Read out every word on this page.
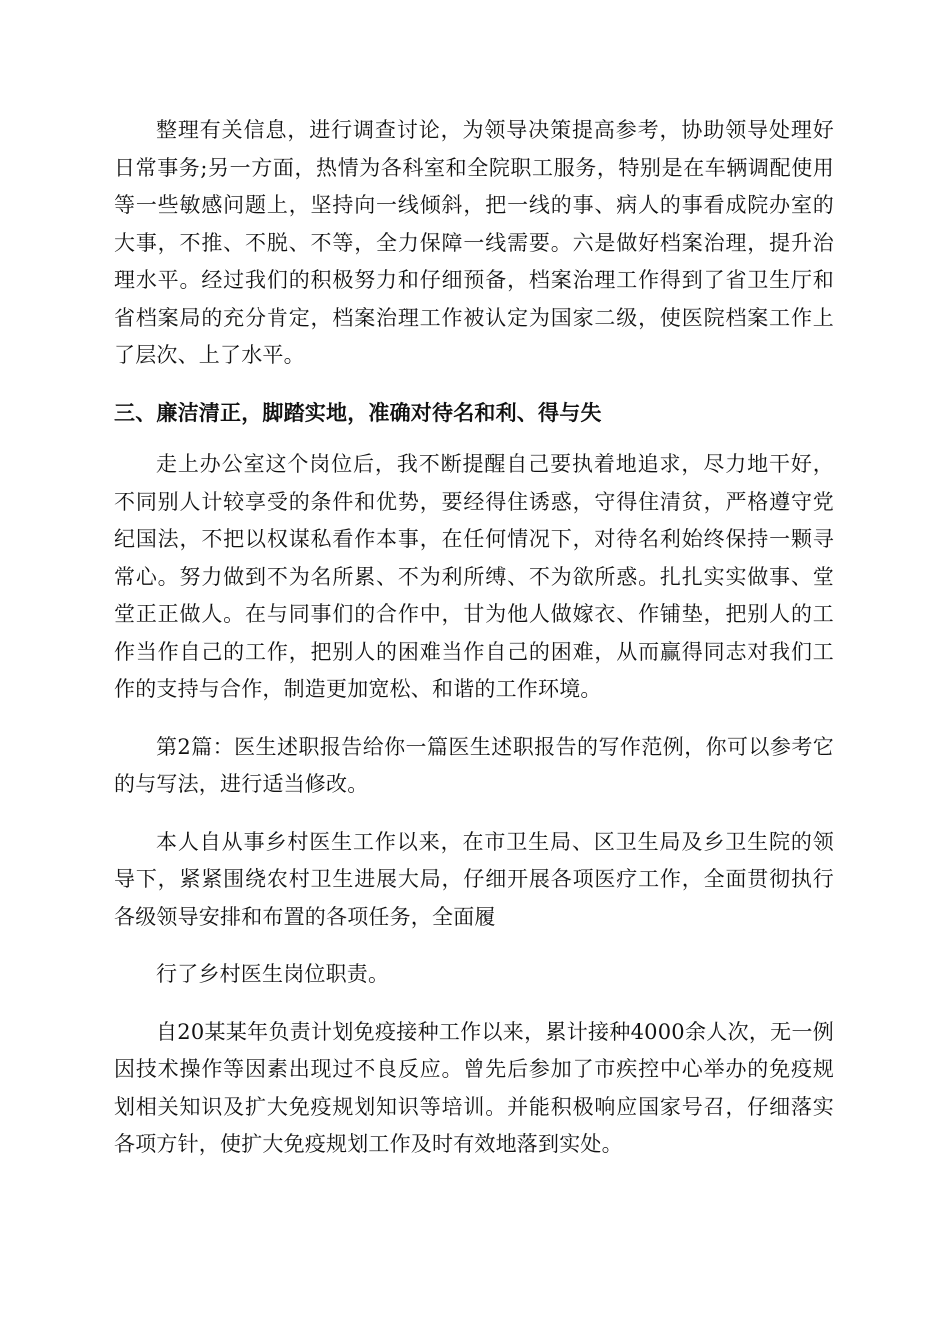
整理有关信息，进行调查讨论，为领导决策提高参考，协助领导处理好日常事务;另一方面，热情为各科室和全院职工服务，特别是在车辆调配使用等一些敏感问题上，坚持向一线倾斜，把一线的事、病人的事看成院办室的大事，不推、不脱、不等，全力保障一线需要。六是做好档案治理，提升治理水平。经过我们的积极努力和仔细预备，档案治理工作得到了省卫生厅和省档案局的充分肯定，档案治理工作被认定为国家二级，使医院档案工作上了层次、上了水平。

三、廉洁清正，脚踏实地，准确对待名和利、得与失

走上办公室这个岗位后，我不断提醒自己要执着地追求，尽力地干好，不同别人计较享受的条件和优势，要经得住诱惑，守得住清贫，严格遵守党纪国法，不把以权谋私看作本事，在任何情况下，对待名利始终保持一颗寻常心。努力做到不为名所累、不为利所缚、不为欲所惑。扎扎实实做事、堂堂正正做人。在与同事们的合作中，甘为他人做嫁衣、作铺垫，把别人的工作当作自己的工作，把别人的困难当作自己的困难，从而赢得同志对我们工作的支持与合作，制造更加宽松、和谐的工作环境。

第2篇：医生述职报告给你一篇医生述职报告的写作范例，你可以参考它的与写法，进行适当修改。

本人自从事乡村医生工作以来，在市卫生局、区卫生局及乡卫生院的领导下，紧紧围绕农村卫生进展大局，仔细开展各项医疗工作，全面贯彻执行各级领导安排和布置的各项任务，全面履

行了乡村医生岗位职责。

自20某某年负责计划免疫接种工作以来，累计接种4000余人次，无一例因技术操作等因素出现过不良反应。曾先后参加了市疾控中心举办的免疫规划相关知识及扩大免疫规划知识等培训。并能积极响应国家号召，仔细落实各项方针，使扩大免疫规划工作及时有效地落到实处。
